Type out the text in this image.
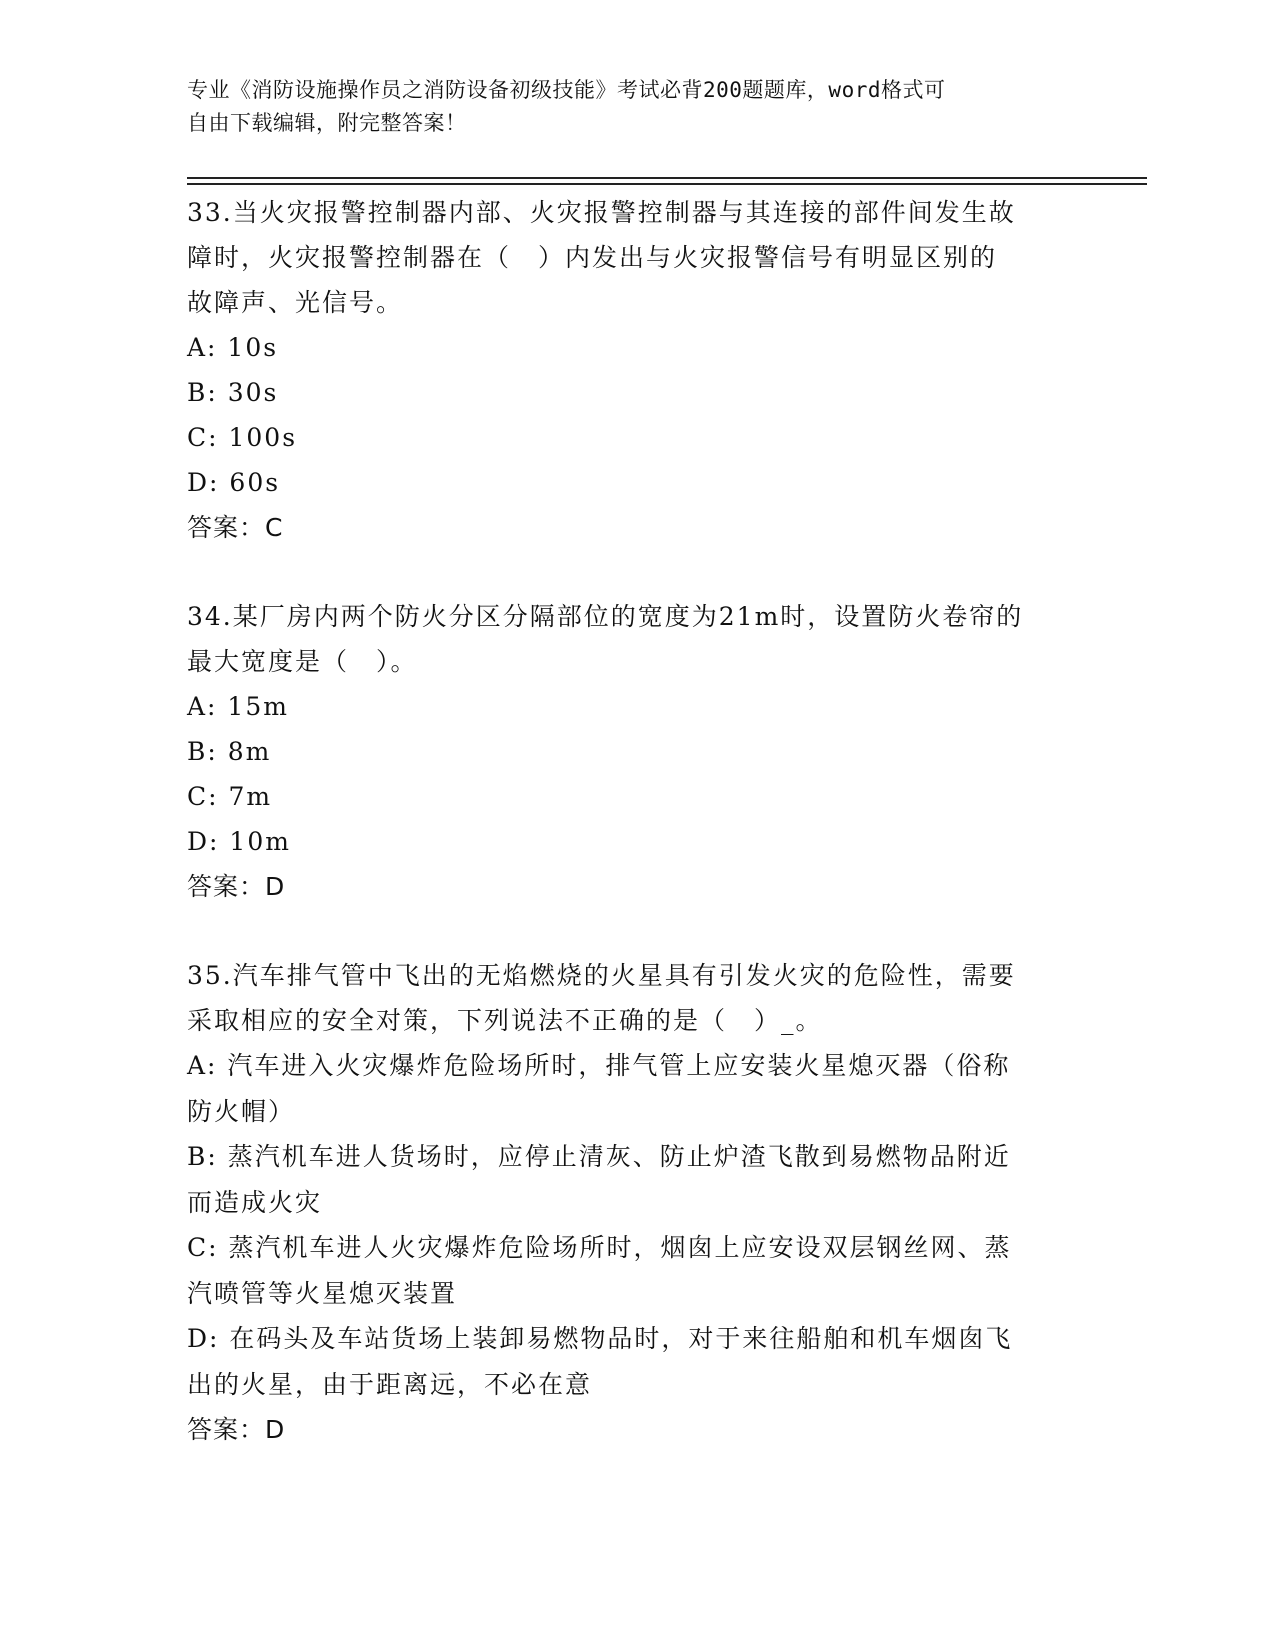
专业《消防设施操作员之消防设备初级技能》考试必背200题题库，word格式可
自由下载编辑，附完整答案！

33.当火灾报警控制器内部、火灾报警控制器与其连接的部件间发生故

障时，火灾报警控制器在（　）内发出与火灾报警信号有明显区别的

故障声、光信号。

A: 10s

B: 30s

C: 100s

D: 60s

答案：C

34.某厂房内两个防火分区分隔部位的宽度为21m时，设置防火卷帘的

最大宽度是（　）。

A: 15m

B: 8m

C: 7m

D: 10m

答案：D

35.汽车排气管中飞出的无焰燃烧的火星具有引发火灾的危险性，需要

采取相应的安全对策，下列说法不正确的是（　）_。

A: 汽车进入火灾爆炸危险场所时，排气管上应安装火星熄灭器（俗称

防火帽）

B: 蒸汽机车进人货场时，应停止清灰、防止炉渣飞散到易燃物品附近

而造成火灾

C: 蒸汽机车进人火灾爆炸危险场所时，烟囱上应安设双层钢丝网、蒸

汽喷管等火星熄灭装置

D: 在码头及车站货场上装卸易燃物品时，对于来往船舶和机车烟囱飞

出的火星，由于距离远，不必在意

答案：D
